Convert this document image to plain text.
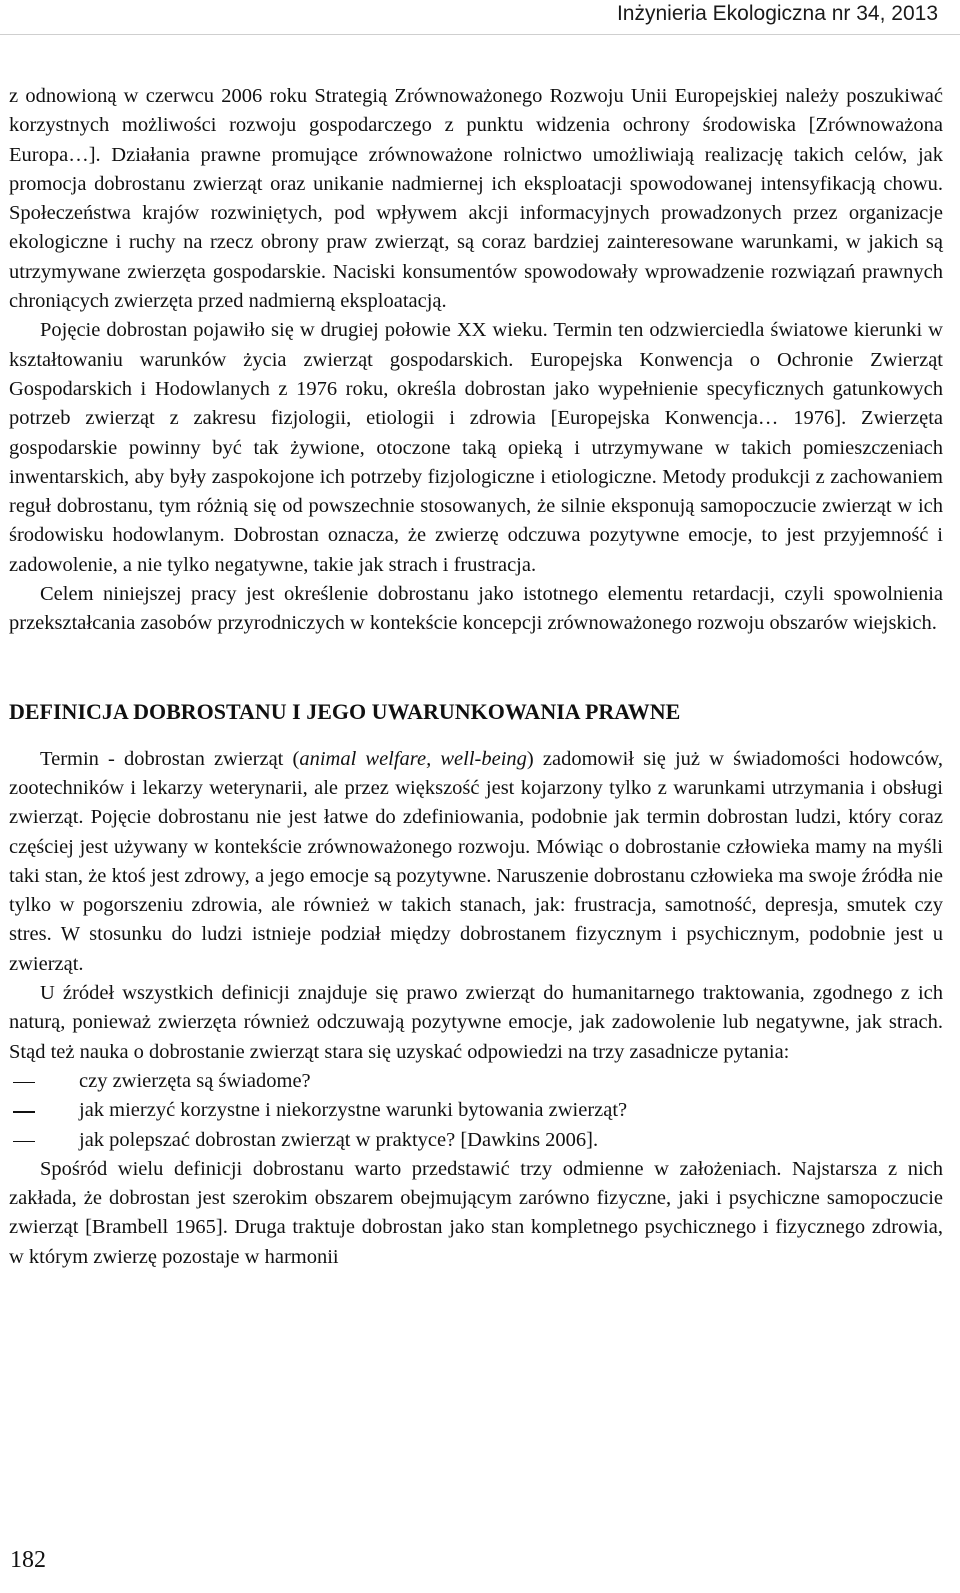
Inżynieria Ekologiczna nr 34, 2013

z odnowioną w czerwcu 2006 roku Strategią Zrównoważonego Rozwoju Unii Europejskiej należy poszukiwać korzystnych możliwości rozwoju gospodarczego z punktu widzenia ochrony środowiska [Zrównoważona Europa…]. Działania prawne promujące zrównoważone rolnictwo umożliwiają realizację takich celów, jak promocja dobrostanu zwierząt oraz unikanie nadmiernej ich eksploatacji spowodowanej intensyfikacją chowu. Społeczeństwa krajów rozwiniętych, pod wpływem akcji informacyjnych prowadzonych przez organizacje ekologiczne i ruchy na rzecz obrony praw zwierząt, są coraz bardziej zainteresowane warunkami, w jakich są utrzymywane zwierzęta gospodarskie. Naciski konsumentów spowodowały wprowadzenie rozwiązań prawnych chroniących zwierzęta przed nadmierną eksploatacją.

Pojęcie dobrostan pojawiło się w drugiej połowie XX wieku. Termin ten odzwierciedla światowe kierunki w kształtowaniu warunków życia zwierząt gospodarskich. Europejska Konwencja o Ochronie Zwierząt Gospodarskich i Hodowlanych z 1976 roku, określa dobrostan jako wypełnienie specyficznych gatunkowych potrzeb zwierząt z zakresu fizjologii, etiologii i zdrowia [Europejska Konwencja… 1976]. Zwierzęta gospodarskie powinny być tak żywione, otoczone taką opieką i utrzymywane w takich pomieszczeniach inwentarskich, aby były zaspokojone ich potrzeby fizjologiczne i etiologiczne. Metody produkcji z zachowaniem reguł dobrostanu, tym różnią się od powszechnie stosowanych, że silnie eksponują samopoczucie zwierząt w ich środowisku hodowlanym. Dobrostan oznacza, że zwierzę odczuwa pozytywne emocje, to jest przyjemność i zadowolenie, a nie tylko negatywne, takie jak strach i frustracja.

Celem niniejszej pracy jest określenie dobrostanu jako istotnego elementu retardacji, czyli spowolnienia przekształcania zasobów przyrodniczych w kontekście koncepcji zrównoważonego rozwoju obszarów wiejskich.

DEFINICJA DOBROSTANU I JEGO UWARUNKOWANIA PRAWNE

Termin - dobrostan zwierząt (animal welfare, well-being) zadomowił się już w świadomości hodowców, zootechników i lekarzy weterynarii, ale przez większość jest kojarzony tylko z warunkami utrzymania i obsługi zwierząt. Pojęcie dobrostanu nie jest łatwe do zdefiniowania, podobnie jak termin dobrostan ludzi, który coraz częściej jest używany w kontekście zrównoważonego rozwoju. Mówiąc o dobrostanie człowieka mamy na myśli taki stan, że ktoś jest zdrowy, a jego emocje są pozytywne. Naruszenie dobrostanu człowieka ma swoje źródła nie tylko w pogorszeniu zdrowia, ale również w takich stanach, jak: frustracja, samotność, depresja, smutek czy stres. W stosunku do ludzi istnieje podział między dobrostanem fizycznym i psychicznym, podobnie jest u zwierząt.

U źródeł wszystkich definicji znajduje się prawo zwierząt do humanitarnego traktowania, zgodnego z ich naturą, ponieważ zwierzęta również odczuwają pozytywne emocje, jak zadowolenie lub negatywne, jak strach. Stąd też nauka o dobrostanie zwierząt stara się uzyskać odpowiedzi na trzy zasadnicze pytania:

czy zwierzęta są świadome?
jak mierzyć korzystne i niekorzystne warunki bytowania zwierząt?
jak polepszać dobrostan zwierząt w praktyce? [Dawkins 2006].

Spośród wielu definicji dobrostanu warto przedstawić trzy odmienne w założeniach. Najstarsza z nich zakłada, że dobrostan jest szerokim obszarem obejmującym zarówno fizyczne, jaki i psychiczne samopoczucie zwierząt [Brambell 1965]. Druga traktuje dobrostan jako stan kompletnego psychicznego i fizycznego zdrowia, w którym zwierzę pozostaje w harmonii

182
